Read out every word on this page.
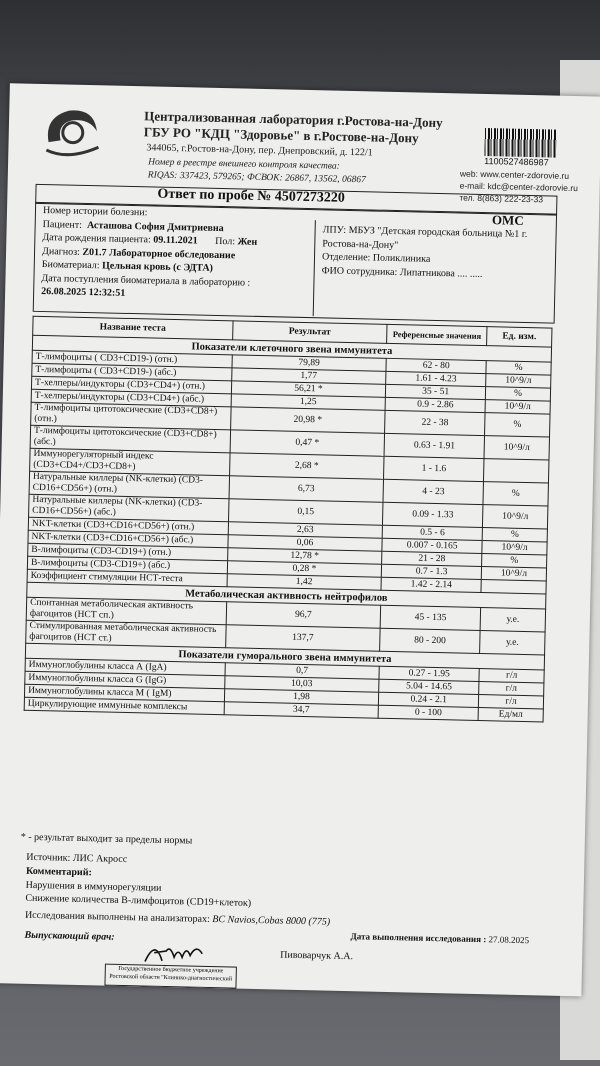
Централизованная лаборатория г.Ростова-на-Дону
ГБУ РО "КДЦ "Здоровье" в г.Ростове-на-Дону
344065, г.Ростов-на-Дону, пер. Днепровский, д. 122/1
Номер в реестре внешнего контроля качества:
RIQAS: 337423, 579265; ФСВОК: 26867, 13562, 06867
1100527486987
web: www.center-zdorovie.ru
e-mail: kdc@center-zdorovie.ru
тел. 8(863) 222-23-33
Ответ по пробе № 4507273220
ОМС
Номер истории болезни:
Пациент: Асташова София Дмитриевна
Дата рождения пациента: 09.11.2021 Пол: Жен
Диагноз: Z01.7 Лабораторное обследование
Биоматериал: Цельная кровь (с ЭДТА)
Дата поступления биоматериала в лабораторию :
26.08.2025 12:32:51
ЛПУ: МБУЗ "Детская городская больница №1 г. Ростова-на-Дону"
Отделение: Поликлиника
ФИО сотрудника: Липатникова .... .....
Название теста	Результат	Референсные значения	Ед. изм.
Показатели клеточного звена иммунитета			
Т-лимфоциты ( CD3+CD19-) (отн.)	79,89	62 - 80	%
Т-лимфоциты ( CD3+CD19-) (абс.)	1,77	1.61 - 4.23	10^9/л
Т-хелперы/индукторы (CD3+CD4+) (отн.)	56,21 *	35 - 51	%
Т-хелперы/индукторы (CD3+CD4+) (абс.)	1,25	0.9 - 2.86	10^9/л
Т-лимфоциты цитотоксические (CD3+CD8+) (отн.)	20,98 *	22 - 38	%
Т-лимфоциты цитотоксические (CD3+CD8+) (абс.)	0,47 *	0.63 - 1.91	10^9/л
Иммунорегуляторный индекс (CD3+CD4+/CD3+CD8+)	2,68 *	1 - 1.6	
Натуральные киллеры (NK-клетки) (CD3-CD16+CD56+) (отн.)	6,73	4 - 23	%
Натуральные киллеры (NK-клетки) (CD3-CD16+CD56+) (абс.)	0,15	0.09 - 1.33	10^9/л
NKT-клетки (CD3+CD16+CD56+) (отн.)	2,63	0.5 - 6	%
NKT-клетки (CD3+CD16+CD56+) (абс.)	0,06	0.007 - 0.165	10^9/л
В-лимфоциты (CD3-CD19+) (отн.)	12,78 *	21 - 28	%
В-лимфоциты (CD3-CD19+) (абс.)	0,28 *	0.7 - 1.3	10^9/л
Коэффициент стимуляции НСТ-теста	1,42	1.42 - 2.14	
Метаболическая активность нейтрофилов			
Спонтанная метаболическая активность фагоцитов (НСТ сп.)	96,7	45 - 135	у.е.
Стимулированная метаболическая активность фагоцитов (НСТ ст.)	137,7	80 - 200	у.е.
Показатели гуморального звена иммунитета			
Иммуноглобулины класса А (IgA)	0,7	0.27 - 1.95	г/л
Иммуноглобулины класса G (IgG)	10,03	5.04 - 14.65	г/л
Иммуноглобулины класса М ( IgM)	1,98	0.24 - 2.1	г/л
Циркулирующие иммунные комплексы	34,7	0 - 100	Ед/мл
* - результат выходит за пределы нормы
Источник: ЛИС Акросс
Комментарий:
Нарушения в иммунорегуляции
Снижение количества В-лимфоцитов (CD19+клеток)
Исследования выполнены на анализаторах: BC Navios,Cobas 8000 (775)
Дата выполнения исследования : 27.08.2025
Выпускающий врач:
Пивоварчук А.А.
Государственное бюджетное учреждение
Ростовской области "Клинико-диагностический
